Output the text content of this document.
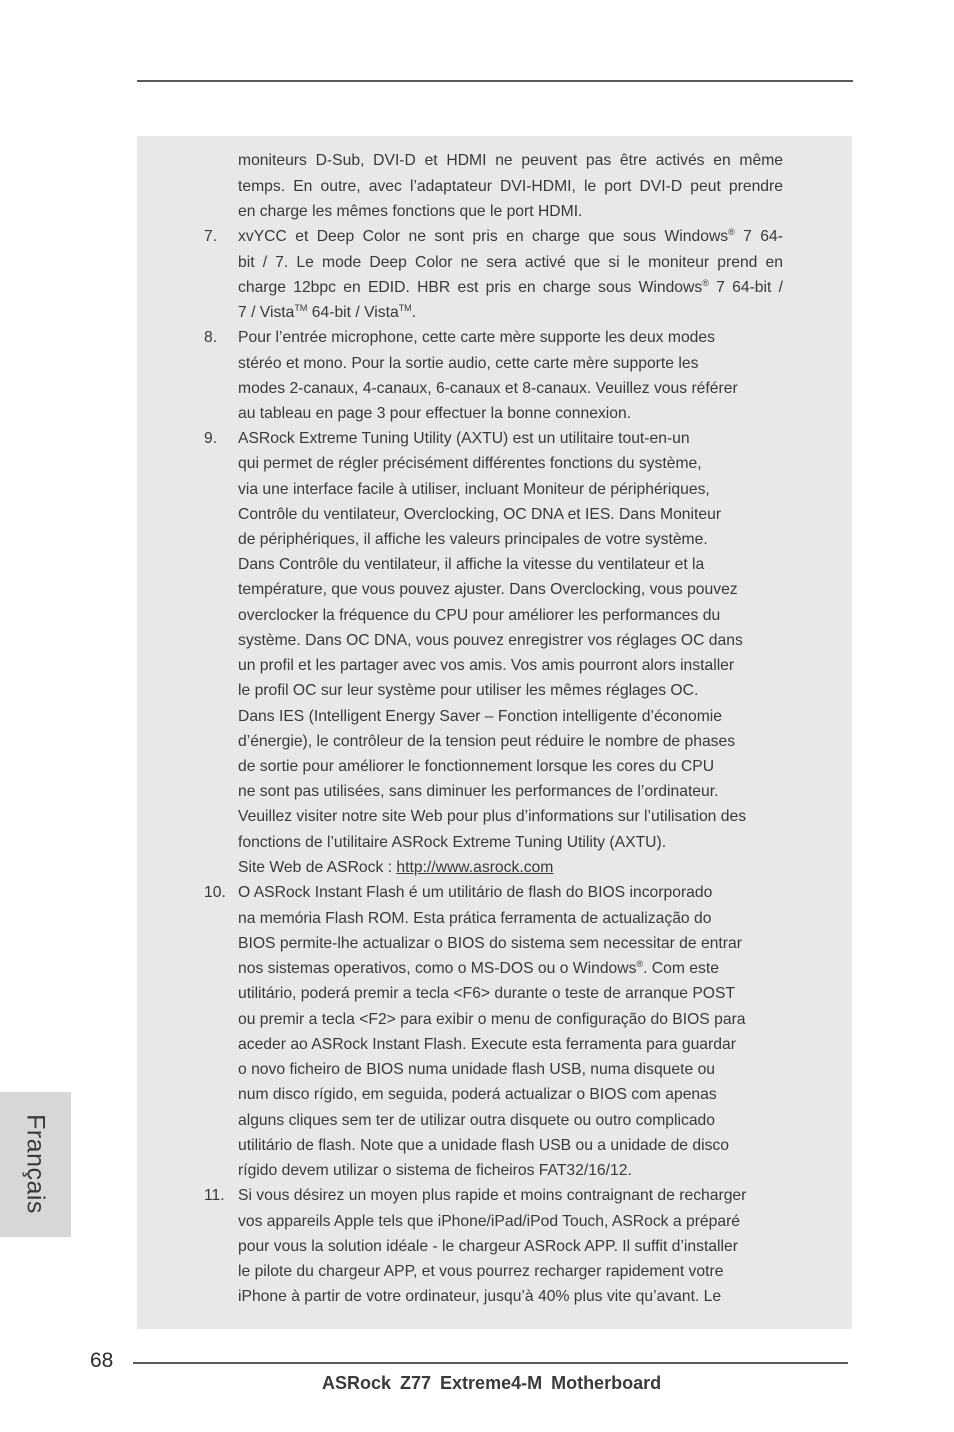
Français
moniteurs D-Sub, DVI-D et HDMI ne peuvent pas être activés en même
temps. En outre, avec l’adaptateur DVI-HDMI, le port DVI-D peut prendre
en charge les mêmes fonctions que le port HDMI.
7. xvYCC et Deep Color ne sont pris en charge que sous Windows® 7 64-
bit / 7. Le mode Deep Color ne sera activé que si le moniteur prend en
charge 12bpc en EDID. HBR est pris en charge sous Windows® 7 64-bit /
7 / Vista™ 64-bit / Vista™.
8. Pour l’entrée microphone, cette carte mère supporte les deux modes
stéréo et mono. Pour la sortie audio, cette carte mère supporte les
modes 2-canaux, 4-canaux, 6-canaux et 8-canaux. Veuillez vous référer
au tableau en page 3 pour effectuer la bonne connexion.
9. ASRock Extreme Tuning Utility (AXTU) est un utilitaire tout-en-un
qui permet de régler précisément différentes fonctions du système,
via une interface facile à utiliser, incluant Moniteur de périphériques,
Contrôle du ventilateur, Overclocking, OC DNA et IES. Dans Moniteur
de périphériques, il affiche les valeurs principales de votre système.
Dans Contrôle du ventilateur, il affiche la vitesse du ventilateur et la
température, que vous pouvez ajuster. Dans Overclocking, vous pouvez
overclocker la fréquence du CPU pour améliorer les performances du
système. Dans OC DNA, vous pouvez enregistrer vos réglages OC dans
un profil et les partager avec vos amis. Vos amis pourront alors installer
le profil OC sur leur système pour utiliser les mêmes réglages OC.
Dans IES (Intelligent Energy Saver – Fonction intelligente d’économie
d’énergie), le contrôleur de la tension peut réduire le nombre de phases
de sortie pour améliorer le fonctionnement lorsque les cores du CPU
ne sont pas utilisées, sans diminuer les performances de l’ordinateur.
Veuillez visiter notre site Web pour plus d’informations sur l’utilisation des
fonctions de l’utilitaire ASRock Extreme Tuning Utility (AXTU).
Site Web de ASRock : http://www.asrock.com
10. O ASRock Instant Flash é um utilitário de flash do BIOS incorporado
na memória Flash ROM. Esta prática ferramenta de actualização do
BIOS permite-lhe actualizar o BIOS do sistema sem necessitar de entrar
nos sistemas operativos, como o MS-DOS ou o Windows®. Com este
utilitário, poderá premir a tecla <F6> durante o teste de arranque POST
ou premir a tecla <F2> para exibir o menu de configuração do BIOS para
aceder ao ASRock Instant Flash. Execute esta ferramenta para guardar
o novo ficheiro de BIOS numa unidade flash USB, numa disquete ou
num disco rígido, em seguida, poderá actualizar o BIOS com apenas
alguns cliques sem ter de utilizar outra disquete ou outro complicado
utilitário de flash. Note que a unidade flash USB ou a unidade de disco
rígido devem utilizar o sistema de ficheiros FAT32/16/12.
11. Si vous désirez un moyen plus rapide et moins contraignant de recharger
vos appareils Apple tels que iPhone/iPad/iPod Touch, ASRock a préparé
pour vous la solution idéale - le chargeur ASRock APP. Il suffit d’installer
le pilote du chargeur APP, et vous pourrez recharger rapidement votre
iPhone à partir de votre ordinateur, jusqu’à 40% plus vite qu’avant. Le
68
ASRock Z77 Extreme4-M Motherboard
